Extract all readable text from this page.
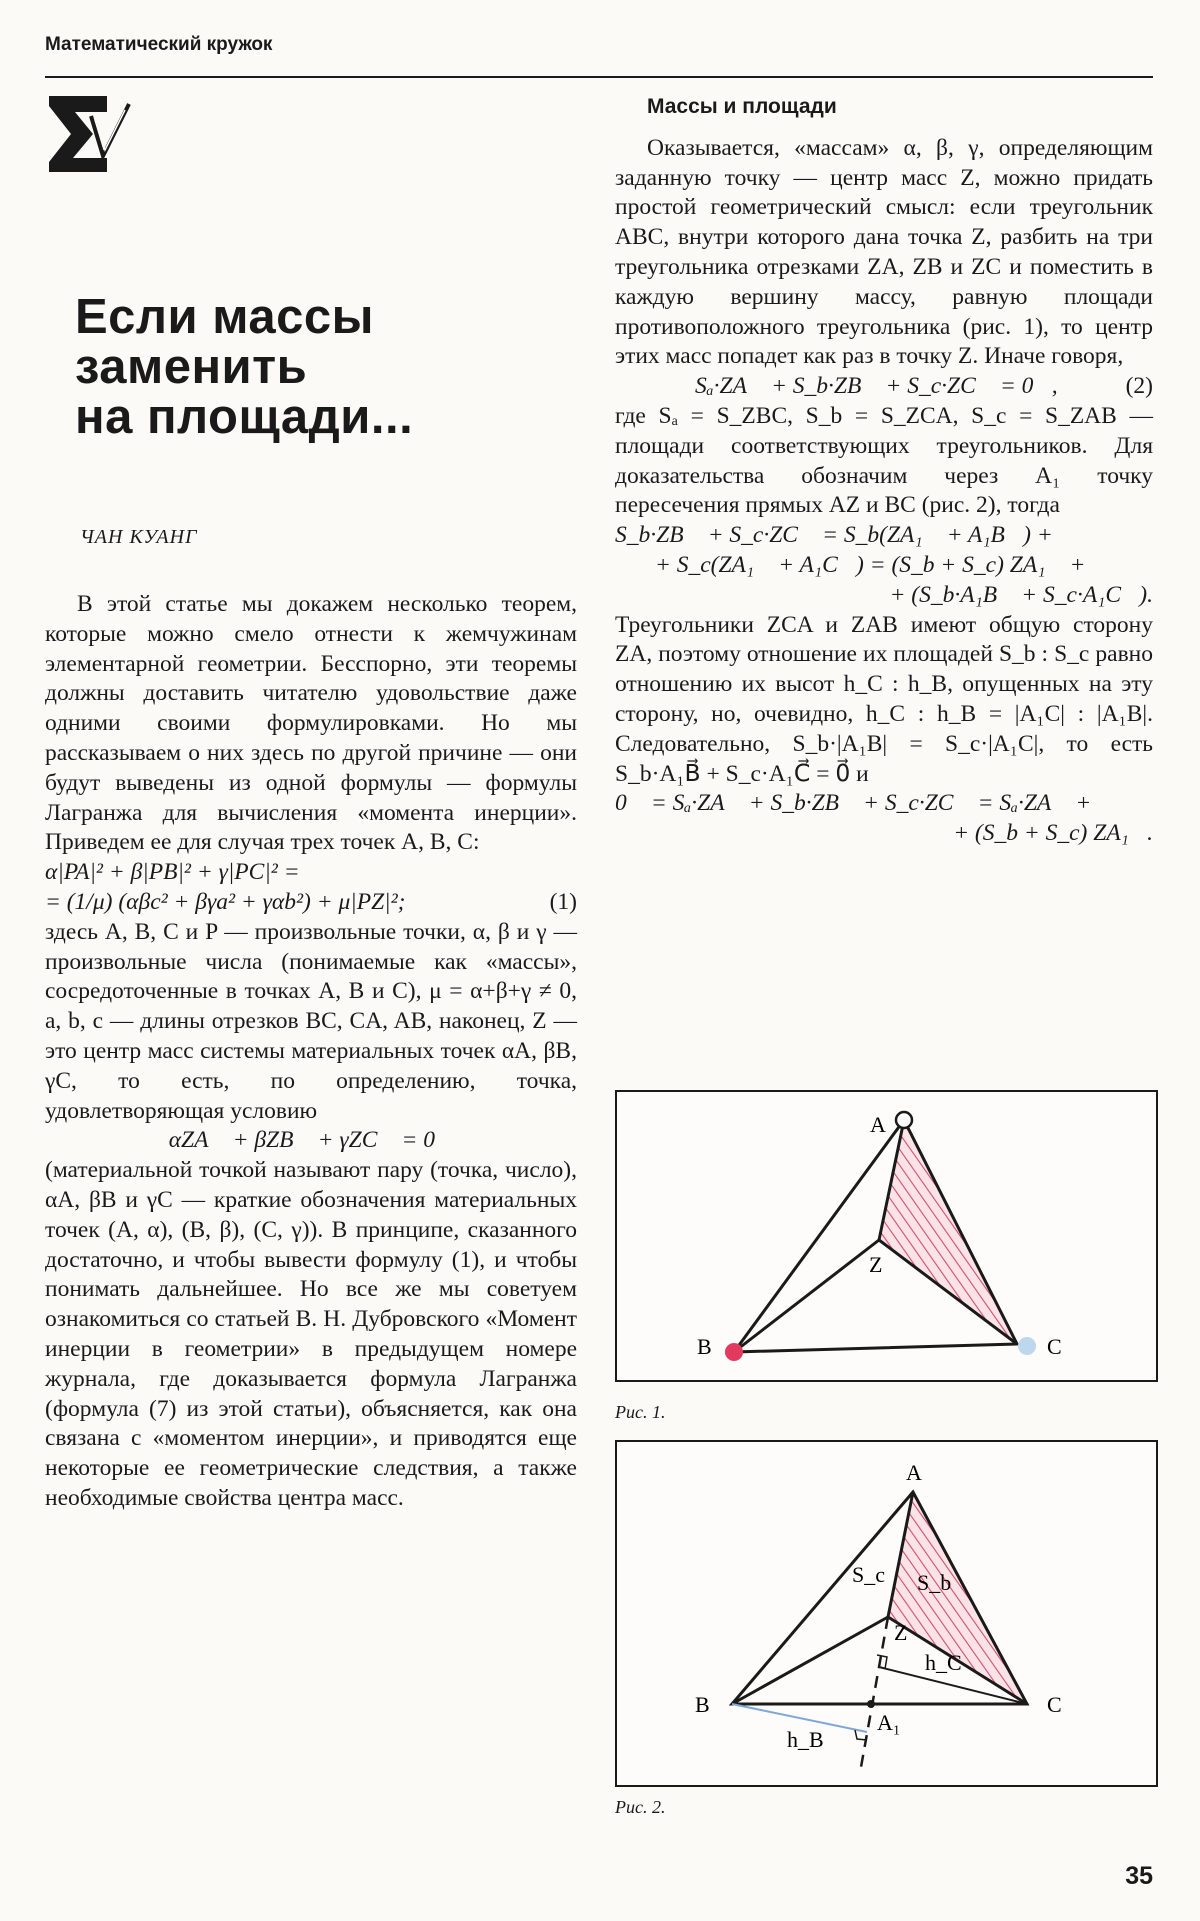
Математический кружок
Если массы
заменить
на площади...
ЧАН КУАНГ

В этой статье мы докажем несколько теорем, которые можно смело отнести к жемчужинам элементарной геометрии. Бесспорно, эти теоремы должны доставить читателю удовольствие даже одними своими формулировками. Но мы рассказываем о них здесь по другой причине — они будут выведены из одной формулы — формулы Лагранжа для вычисления «момента инерции». Приведем ее для случая трех точек A, B, C:

α|PA|² + β|PB|² + γ|PC|² =

= (1/μ) (αβc² + βγa² + γαb²) + μ|PZ|²;	(1)

здесь A, B, C и P — произвольные точки, α, β и γ — произвольные числа (понимаемые как «массы», сосредоточенные в точках A, B и C), μ = α+β+γ ≠ 0, a, b, c — длины отрезков BC, CA, AB, наконец, Z — это центр масс системы материальных точек αA, βB, γC, то есть, по определению, точка, удовлетворяющая условию

αZA⃗ + βZB⃗ + γZC⃗ = 0⃗

(материальной точкой называют пару (точка, число), αA, βB и γC — краткие обозначения материальных точек (A, α), (B, β), (C, γ)). В принципе, сказанного достаточно, и чтобы вывести формулу (1), и чтобы понимать дальнейшее. Но все же мы советуем ознакомиться со статьей В. Н. Дубровского «Момент инерции в геометрии» в предыдущем номере журнала, где доказывается формула Лагранжа (формула (7) из этой статьи), объясняется, как она связана с «моментом инерции», и приводятся еще некоторые ее геометрические следствия, а также необходимые свойства центра масс.

Массы и площади

Оказывается, «массам» α, β, γ, определяющим заданную точку — центр масс Z, можно придать простой геометрический смысл: если треугольник ABC, внутри которого дана точка Z, разбить на три треугольника отрезками ZA, ZB и ZC и поместить в каждую вершину массу, равную площади противоположного треугольника (рис. 1), то центр этих масс попадет как раз в точку Z. Иначе говоря,

Sₐ·ZA⃗ + S_b·ZB⃗ + S_c·ZC⃗ = 0⃗,	(2)

где Sₐ = S_ZBC, S_b = S_ZCA, S_c = S_ZAB — площади соответствующих треугольников. Для доказательства обозначим через A₁ точку пересечения прямых AZ и BC (рис. 2), тогда

S_b·ZB⃗ + S_c·ZC⃗ = S_b(ZA₁⃗ + A₁B⃗) +

+ S_c(ZA₁⃗ + A₁C⃗) = (S_b + S_c) ZA₁⃗ +

+ (S_b·A₁B⃗ + S_c·A₁C⃗).

Треугольники ZCA и ZAB имеют общую сторону ZA, поэтому отношение их площадей S_b : S_c равно отношению их высот h_C : h_B, опущенных на эту сторону, но, очевидно, h_C : h_B = |A₁C| : |A₁B|. Следовательно, S_b·|A₁B| = S_c·|A₁C|, то есть S_b·A₁B⃗ + S_c·A₁C⃗ = 0⃗ и

0⃗ = Sₐ·ZA⃗ + S_b·ZB⃗ + S_c·ZC⃗ = Sₐ·ZA⃗ +

+ (S_b + S_c) ZA₁⃗.

A
B	C
Z
Рис. 1.
A
B	C
Z
A₁
S_c S_b
h_C
h_B
Рис. 2.
35
